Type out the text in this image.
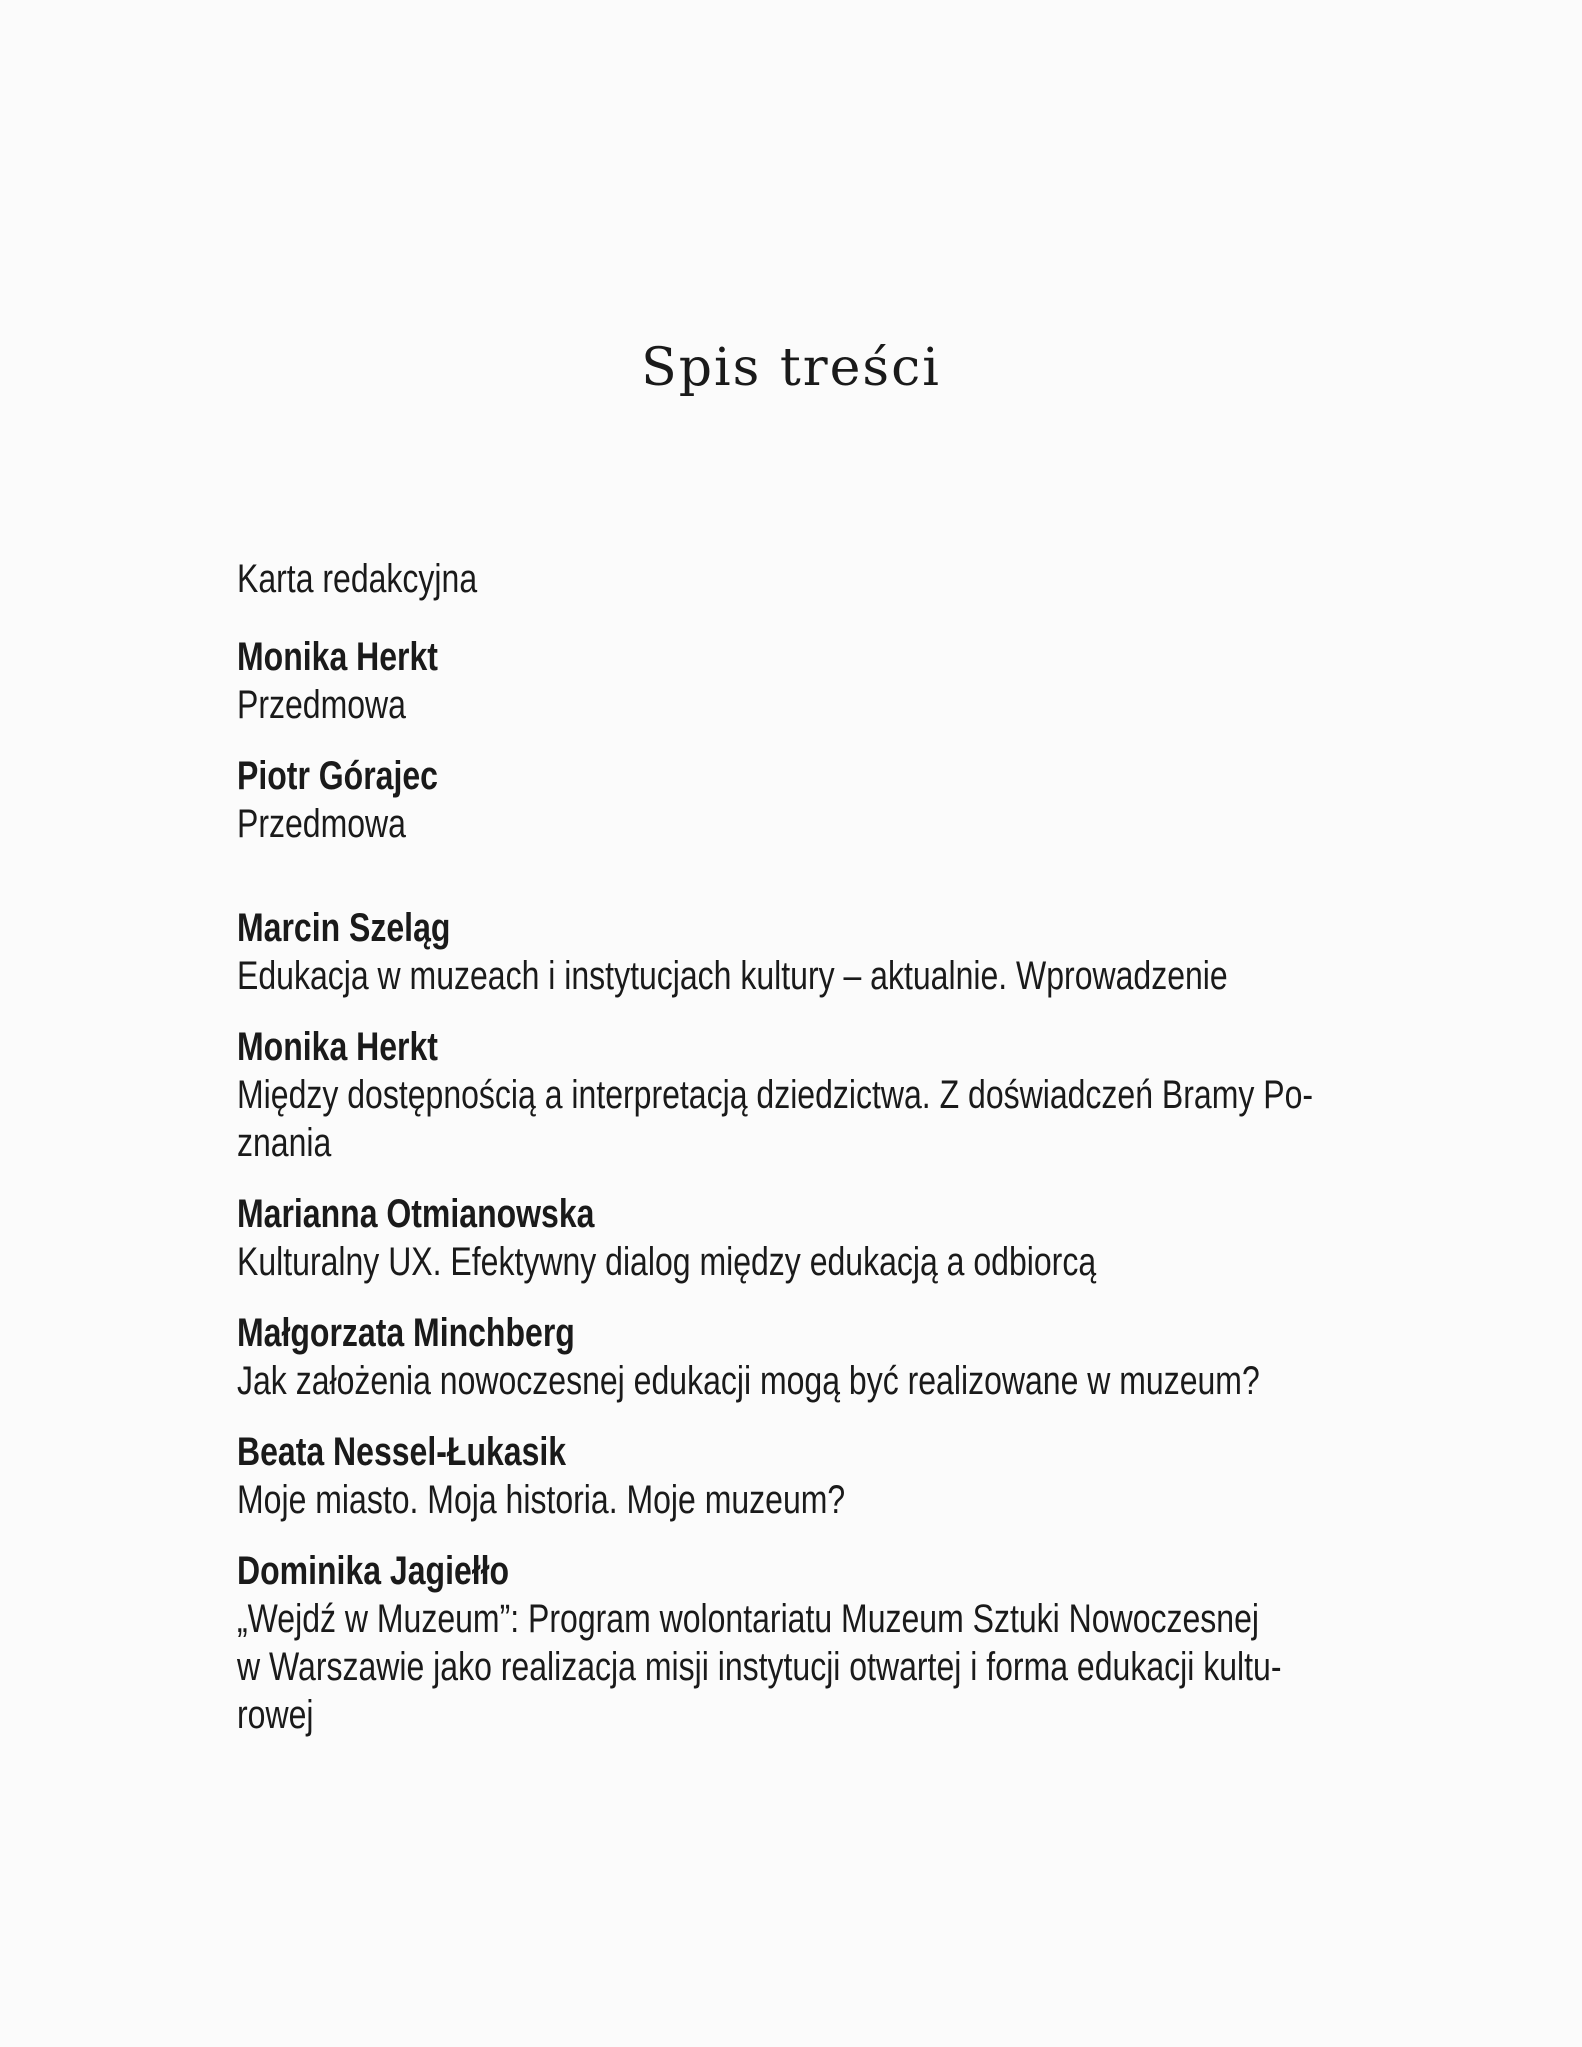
Spis treści
Karta redakcyjna
Monika Herkt
Przedmowa
Piotr Górajec
Przedmowa
Marcin Szeląg
Edukacja w muzeach i instytucjach kultury – aktualnie. Wprowadzenie
Monika Herkt
Między dostępnością a interpretacją dziedzictwa. Z doświadczeń Bramy Po-
znania
Marianna Otmianowska
Kulturalny UX. Efektywny dialog między edukacją a odbiorcą
Małgorzata Minchberg
Jak założenia nowoczesnej edukacji mogą być realizowane w muzeum?
Beata Nessel-Łukasik
Moje miasto. Moja historia. Moje muzeum?
Dominika Jagiełło
„Wejdź w Muzeum”: Program wolontariatu Muzeum Sztuki Nowoczesnej
w Warszawie jako realizacja misji instytucji otwartej i forma edukacji kultu-
rowej
